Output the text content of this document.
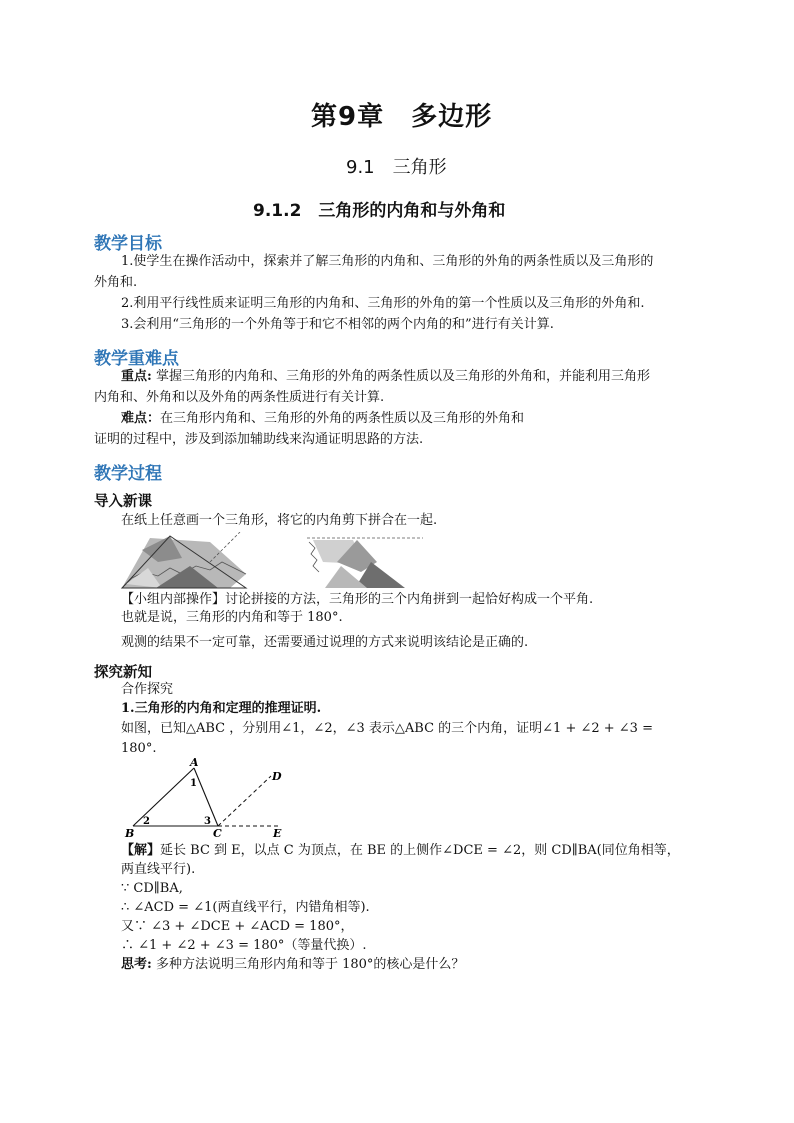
第9章　多边形
9.1　三角形
9.1.2　三角形的内角和与外角和
教学目标
1.使学生在操作活动中，探索并了解三角形的内角和、三角形的外角的两条性质以及三角形的
外角和.
2.利用平行线性质来证明三角形的内角和、三角形的外角的第一个性质以及三角形的外角和.
3.会利用“三角形的一个外角等于和它不相邻的两个内角的和”进行有关计算.
教学重难点
重点: 掌握三角形的内角和、三角形的外角的两条性质以及三角形的外角和，并能利用三角形
内角和、外角和以及外角的两条性质进行有关计算.
难点：在三角形内角和、三角形的外角的两条性质以及三角形的外角和
证明的过程中，涉及到添加辅助线来沟通证明思路的方法.
教学过程
导入新课
在纸上任意画一个三角形，将它的内角剪下拼合在一起.
【小组内部操作】讨论拼接的方法，三角形的三个内角拼到一起恰好构成一个平角.
也就是说，三角形的内角和等于 180°.
观测的结果不一定可靠，还需要通过说理的方式来说明该结论是正确的.
探究新知
合作探究
1.三角形的内角和定理的推理证明.
如图，已知△ABC ，分别用∠1，∠2，∠3 表示△ABC 的三个内角，证明∠1 + ∠2 + ∠3 =
180°.
A
B	C
D
E
1
2	3
【解】延长 BC 到 E，以点 C 为顶点，在 BE 的上侧作∠DCE = ∠2，则 CD∥BA(同位角相等，
两直线平行).
∵ CD∥BA,
∴ ∠ACD = ∠1(两直线平行，内错角相等).
又∵ ∠3 + ∠DCE + ∠ACD = 180°，
∴ ∠1 + ∠2 + ∠3 = 180°（等量代换）.
思考: 多种方法说明三角形内角和等于 180°的核心是什么？
